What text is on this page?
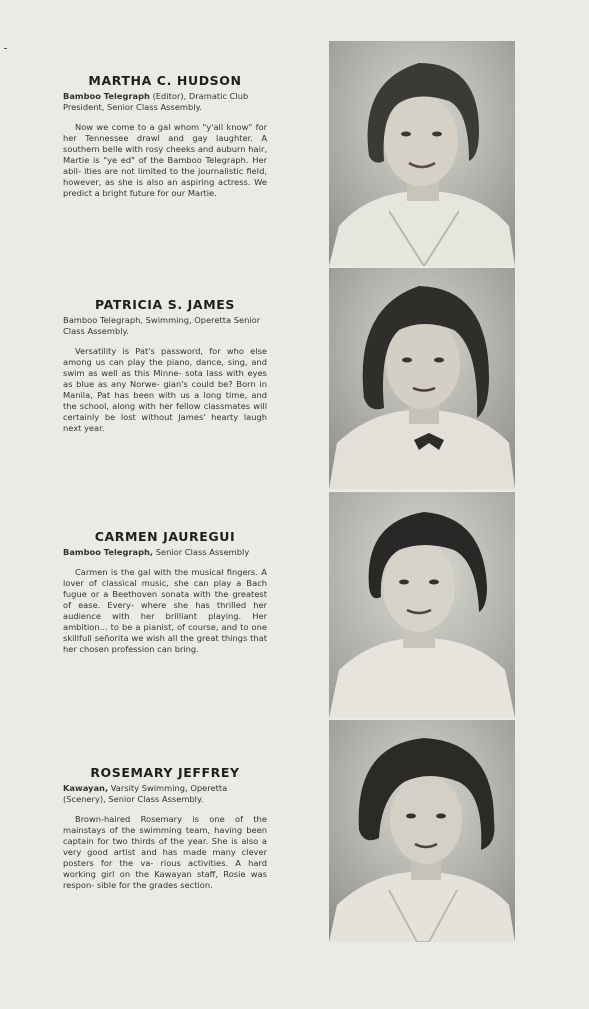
MARTHA C. HUDSON
Bamboo Telegraph (Editor), Dramatic Club President, Senior Class Assembly.

Now we come to a gal whom "y'all know" for her Tennessee drawl and gay laughter. A southern belle with rosy cheeks and auburn hair, Martie is "ye ed" of the Bamboo Telegraph. Her abil- ities are not limited to the journalistic field, however, as she is also an aspiring actress. We predict a bright future for our Martie.

PATRICIA S. JAMES
Bamboo Telegraph, Swimming, Operetta Senior Class Assembly.

Versatility is Pat's password, for who else among us can play the piano, dance, sing, and swim as well as this Minne- sota lass with eyes as blue as any Norwe- gian's could be? Born in Manila, Pat has been with us a long time, and the school, along with her fellow classmates will certainly be lost without James' hearty laugh next year.

CARMEN JAUREGUI
Bamboo Telegraph, Senior Class Assembly

Carmen is the gal with the musical fingers. A lover of classical music, she can play a Bach fugue or a Beethoven sonata with the greatest of ease. Every- where she has thrilled her audience with her brilliant playing. Her ambition... to be a pianist, of course, and to one skillfull señorita we wish all the great things that her chosen profession can bring.

ROSEMARY JEFFREY
Kawayan, Varsity Swimming, Operetta (Scenery), Senior Class Assembly.

Brown-haired Rosemary is one of the mainstays of the swimming team, having been captain for two thirds of the year. She is also a very good artist and has made many clever posters for the va- rious activities. A hard working girl on the Kawayan staff, Rosie was respon- sible for the grades section.
